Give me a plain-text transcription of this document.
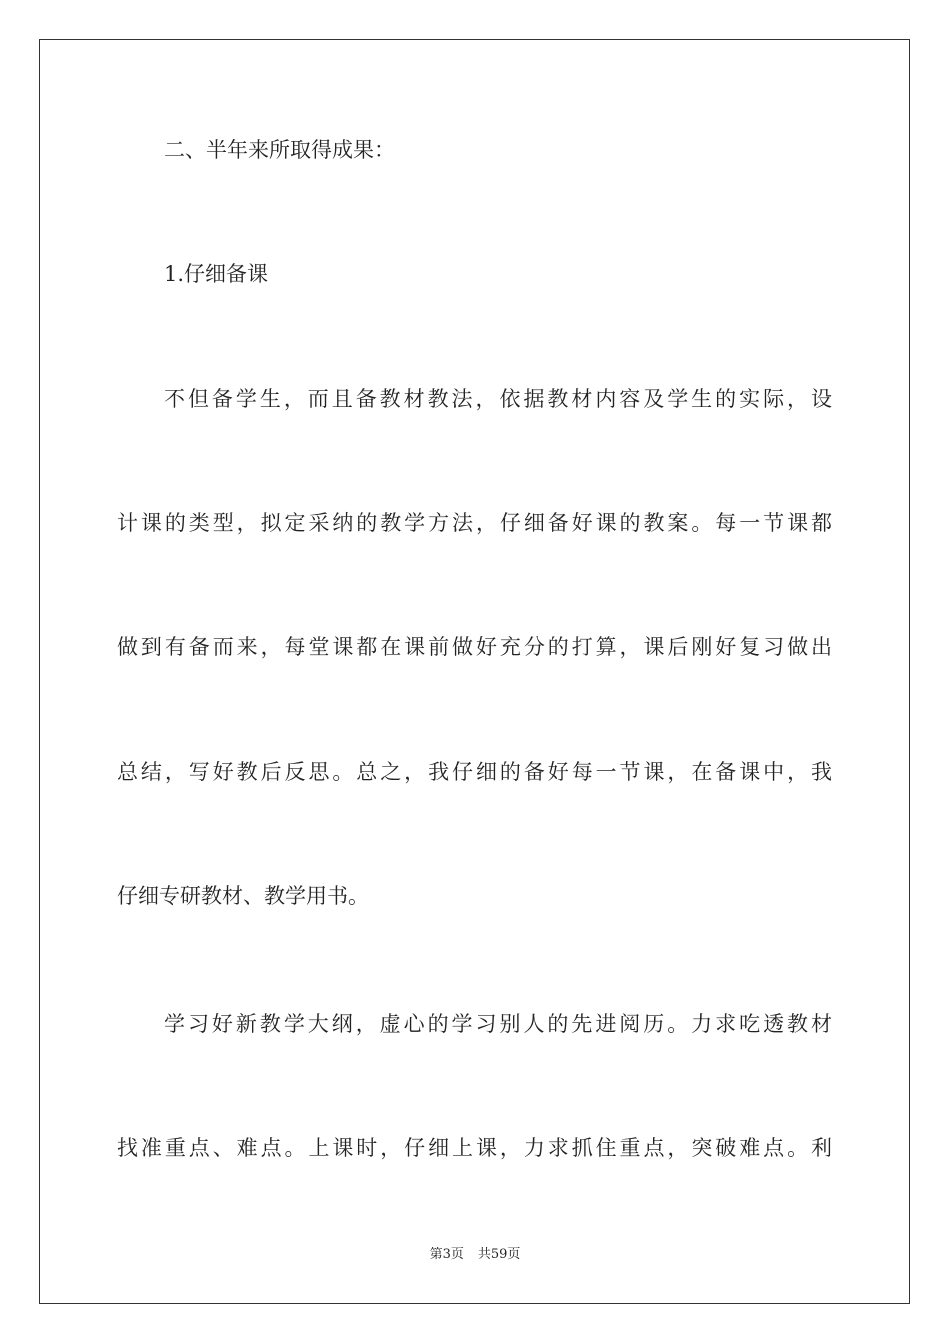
二、半年来所取得成果：
1.仔细备课
不但备学生，而且备教材教法，依据教材内容及学生的实际，设
计课的类型，拟定采纳的教学方法，仔细备好课的教案。每一节课都
做到有备而来，每堂课都在课前做好充分的打算，课后刚好复习做出
总结，写好教后反思。总之，我仔细的备好每一节课，在备课中，我
仔细专研教材、教学用书。
学习好新教学大纲，虚心的学习别人的先进阅历。力求吃透教材
找准重点、难点。上课时，仔细上课，力求抓住重点，突破难点。利
第3页 共59页
